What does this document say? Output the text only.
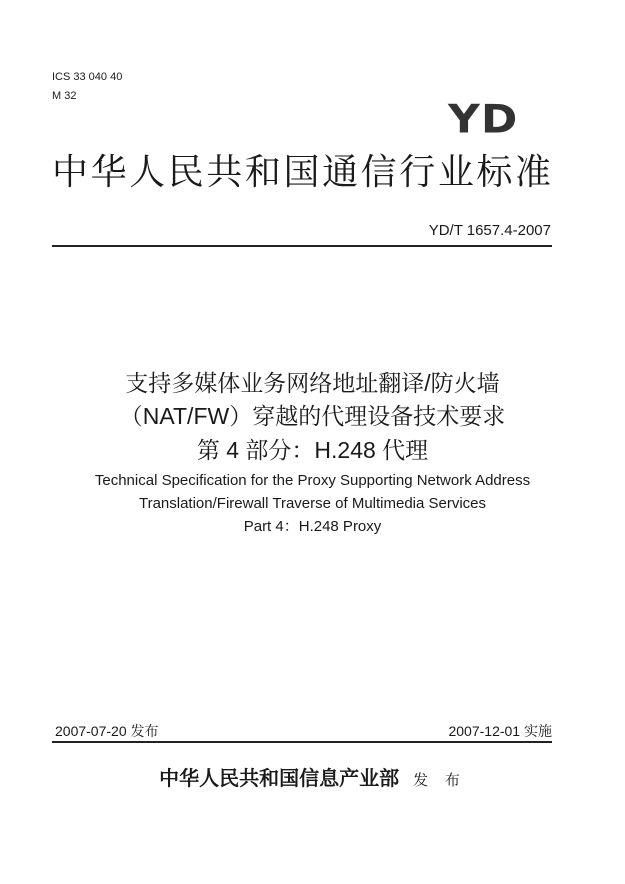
ICS 33 040 40
M 32
YD
中华人民共和国通信行业标准
YD/T 1657.4-2007
支持多媒体业务网络地址翻译/防火墙
（NAT/FW）穿越的代理设备技术要求
第 4 部分：H.248 代理
Technical Specification for the Proxy Supporting Network Address
Translation/Firewall Traverse of Multimedia Services
Part 4：H.248 Proxy
2007-07-20 发布	2007-12-01 实施
中华人民共和国信息产业部 发 布
